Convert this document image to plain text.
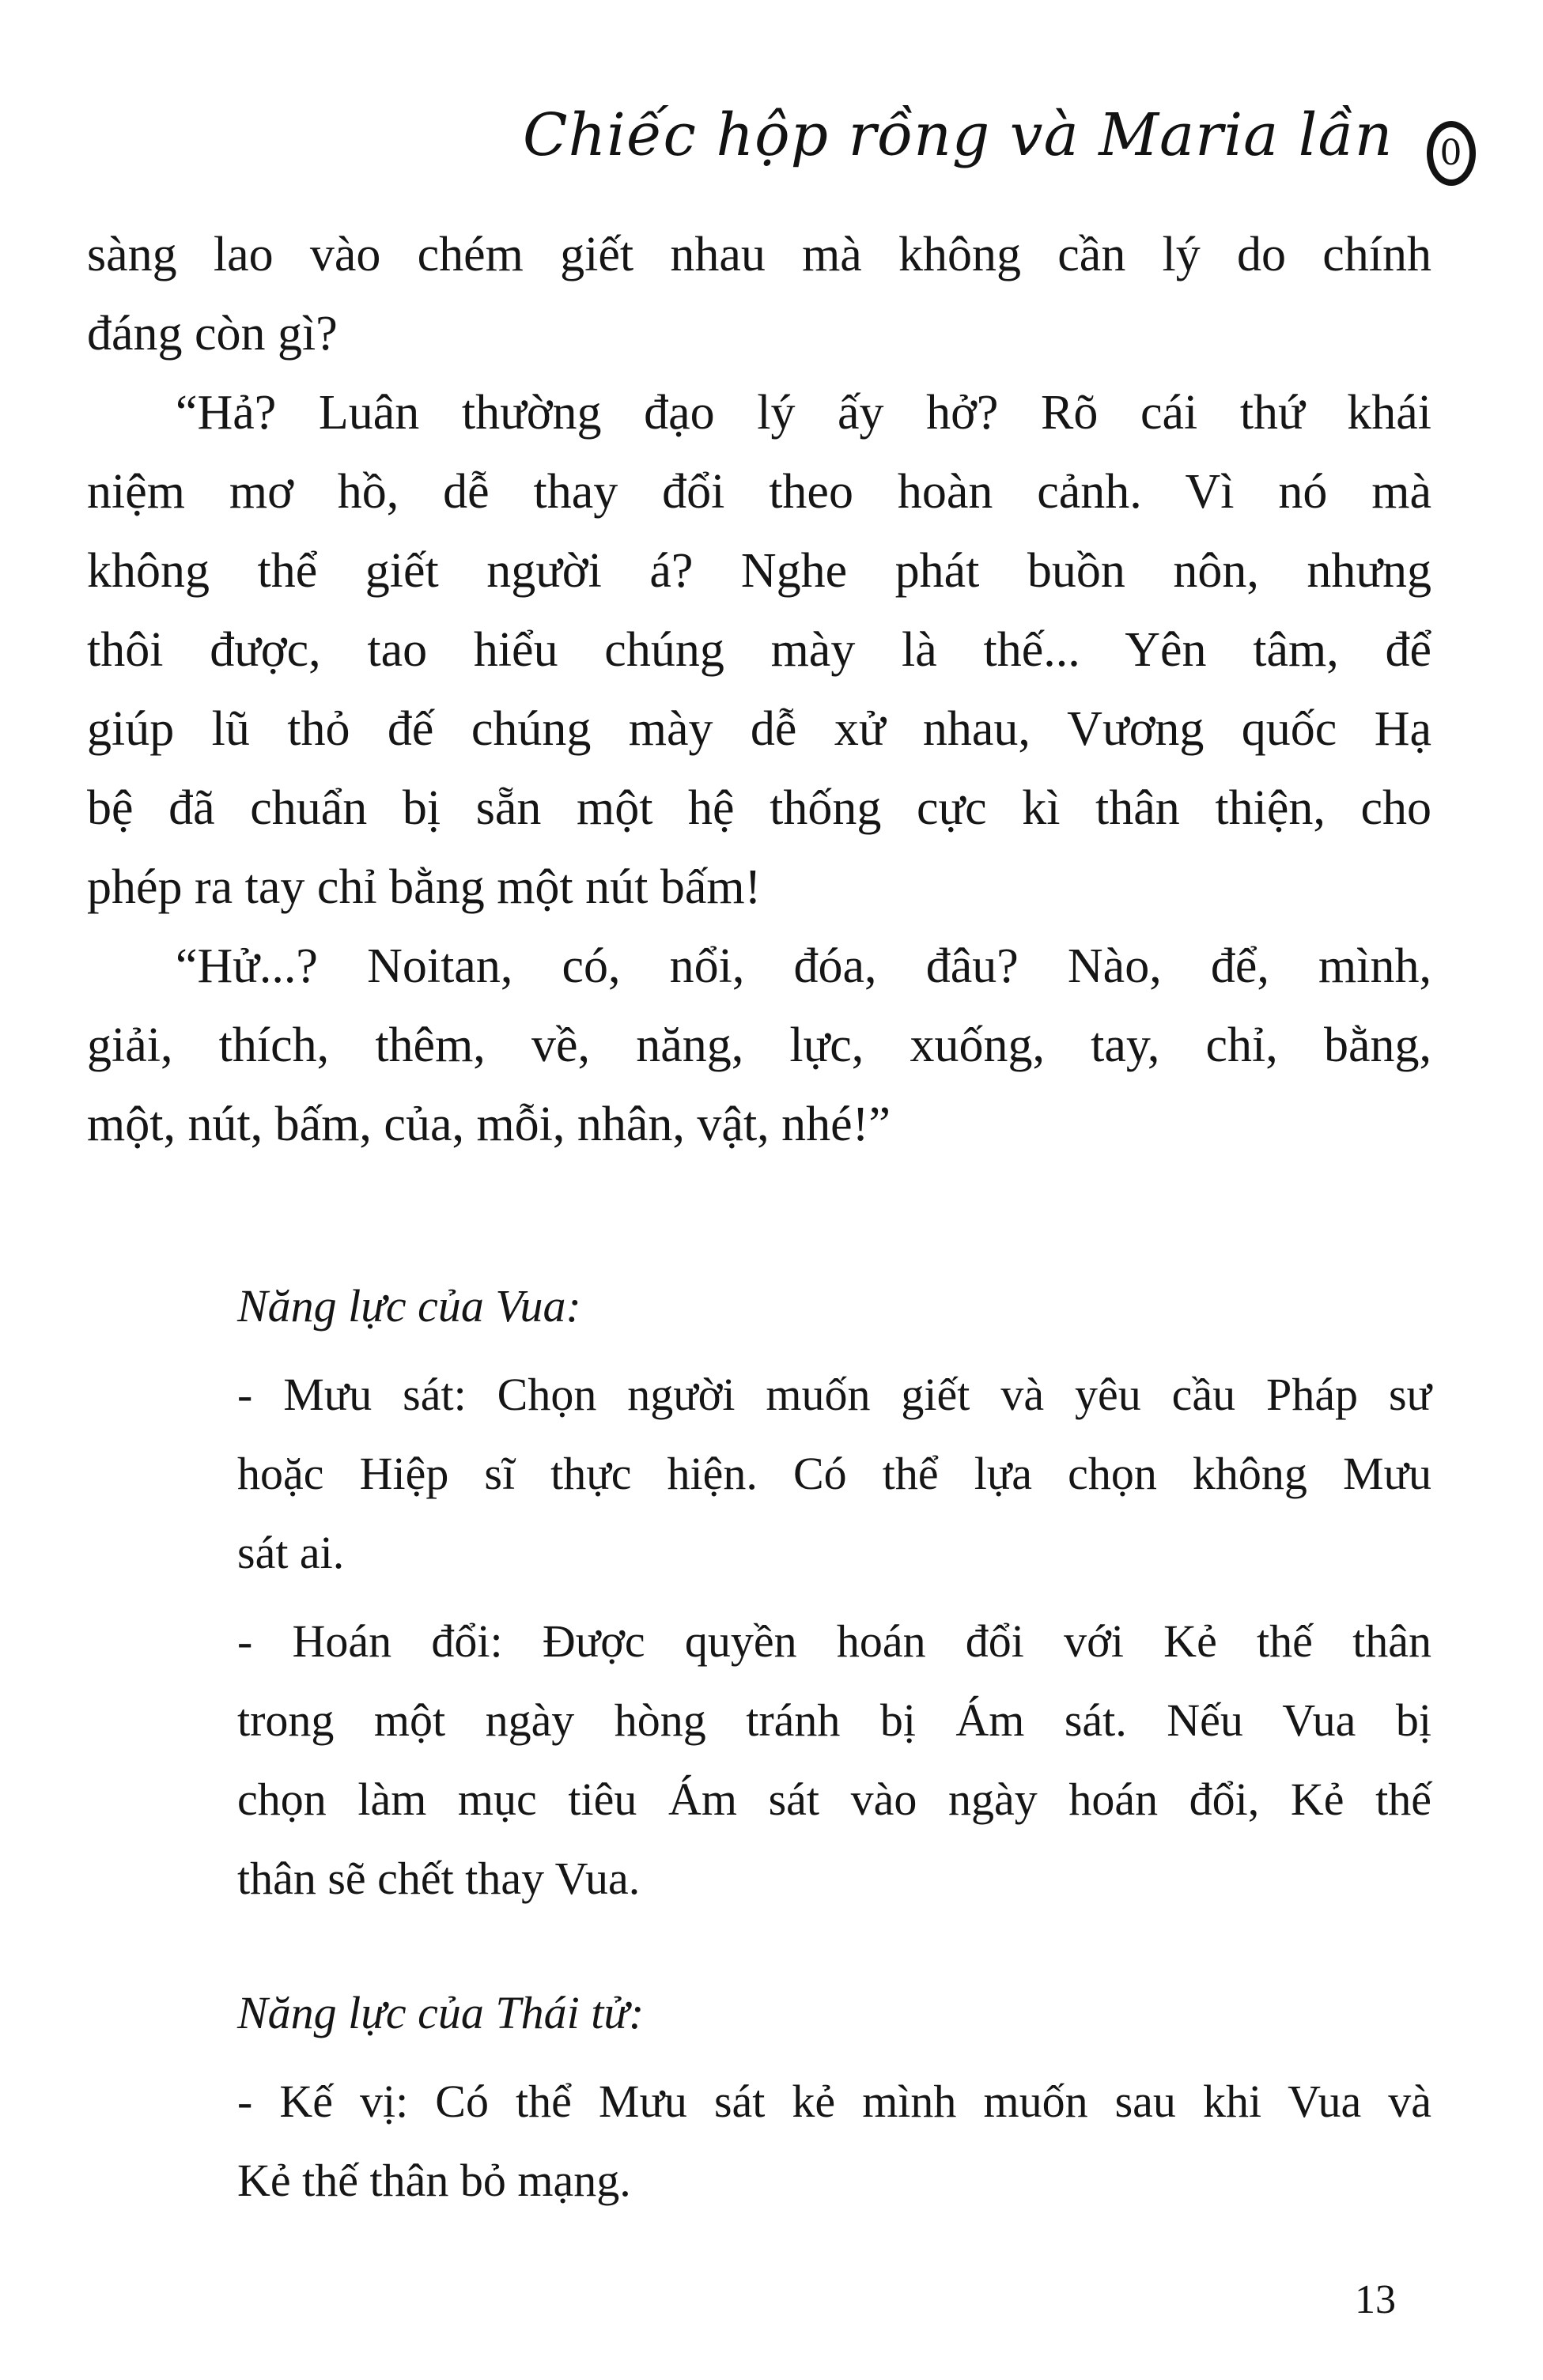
Chiếc hộp rồng và Maria lần 0
sàng lao vào chém giết nhau mà không cần lý do chính
đáng còn gì?
“Hả? Luân thường đạo lý ấy hở? Rõ cái thứ khái
niệm mơ hồ, dễ thay đổi theo hoàn cảnh. Vì nó mà
không thể giết người á? Nghe phát buồn nôn, nhưng
thôi được, tao hiểu chúng mày là thế... Yên tâm, để
giúp lũ thỏ đế chúng mày dễ xử nhau, Vương quốc Hạ
bệ đã chuẩn bị sẵn một hệ thống cực kì thân thiện, cho
phép ra tay chỉ bằng một nút bấm!
“Hử...? Noitan, có, nổi, đóa, đâu? Nào, để, mình,
giải, thích, thêm, về, năng, lực, xuống, tay, chỉ, bằng,
một, nút, bấm, của, mỗi, nhân, vật, nhé!”
Năng lực của Vua:
- Mưu sát: Chọn người muốn giết và yêu cầu Pháp sư
hoặc Hiệp sĩ thực hiện. Có thể lựa chọn không Mưu
sát ai.
- Hoán đổi: Được quyền hoán đổi với Kẻ thế thân
trong một ngày hòng tránh bị Ám sát. Nếu Vua bị
chọn làm mục tiêu Ám sát vào ngày hoán đổi, Kẻ thế
thân sẽ chết thay Vua.
Năng lực của Thái tử:
- Kế vị: Có thể Mưu sát kẻ mình muốn sau khi Vua và
Kẻ thế thân bỏ mạng.
13
